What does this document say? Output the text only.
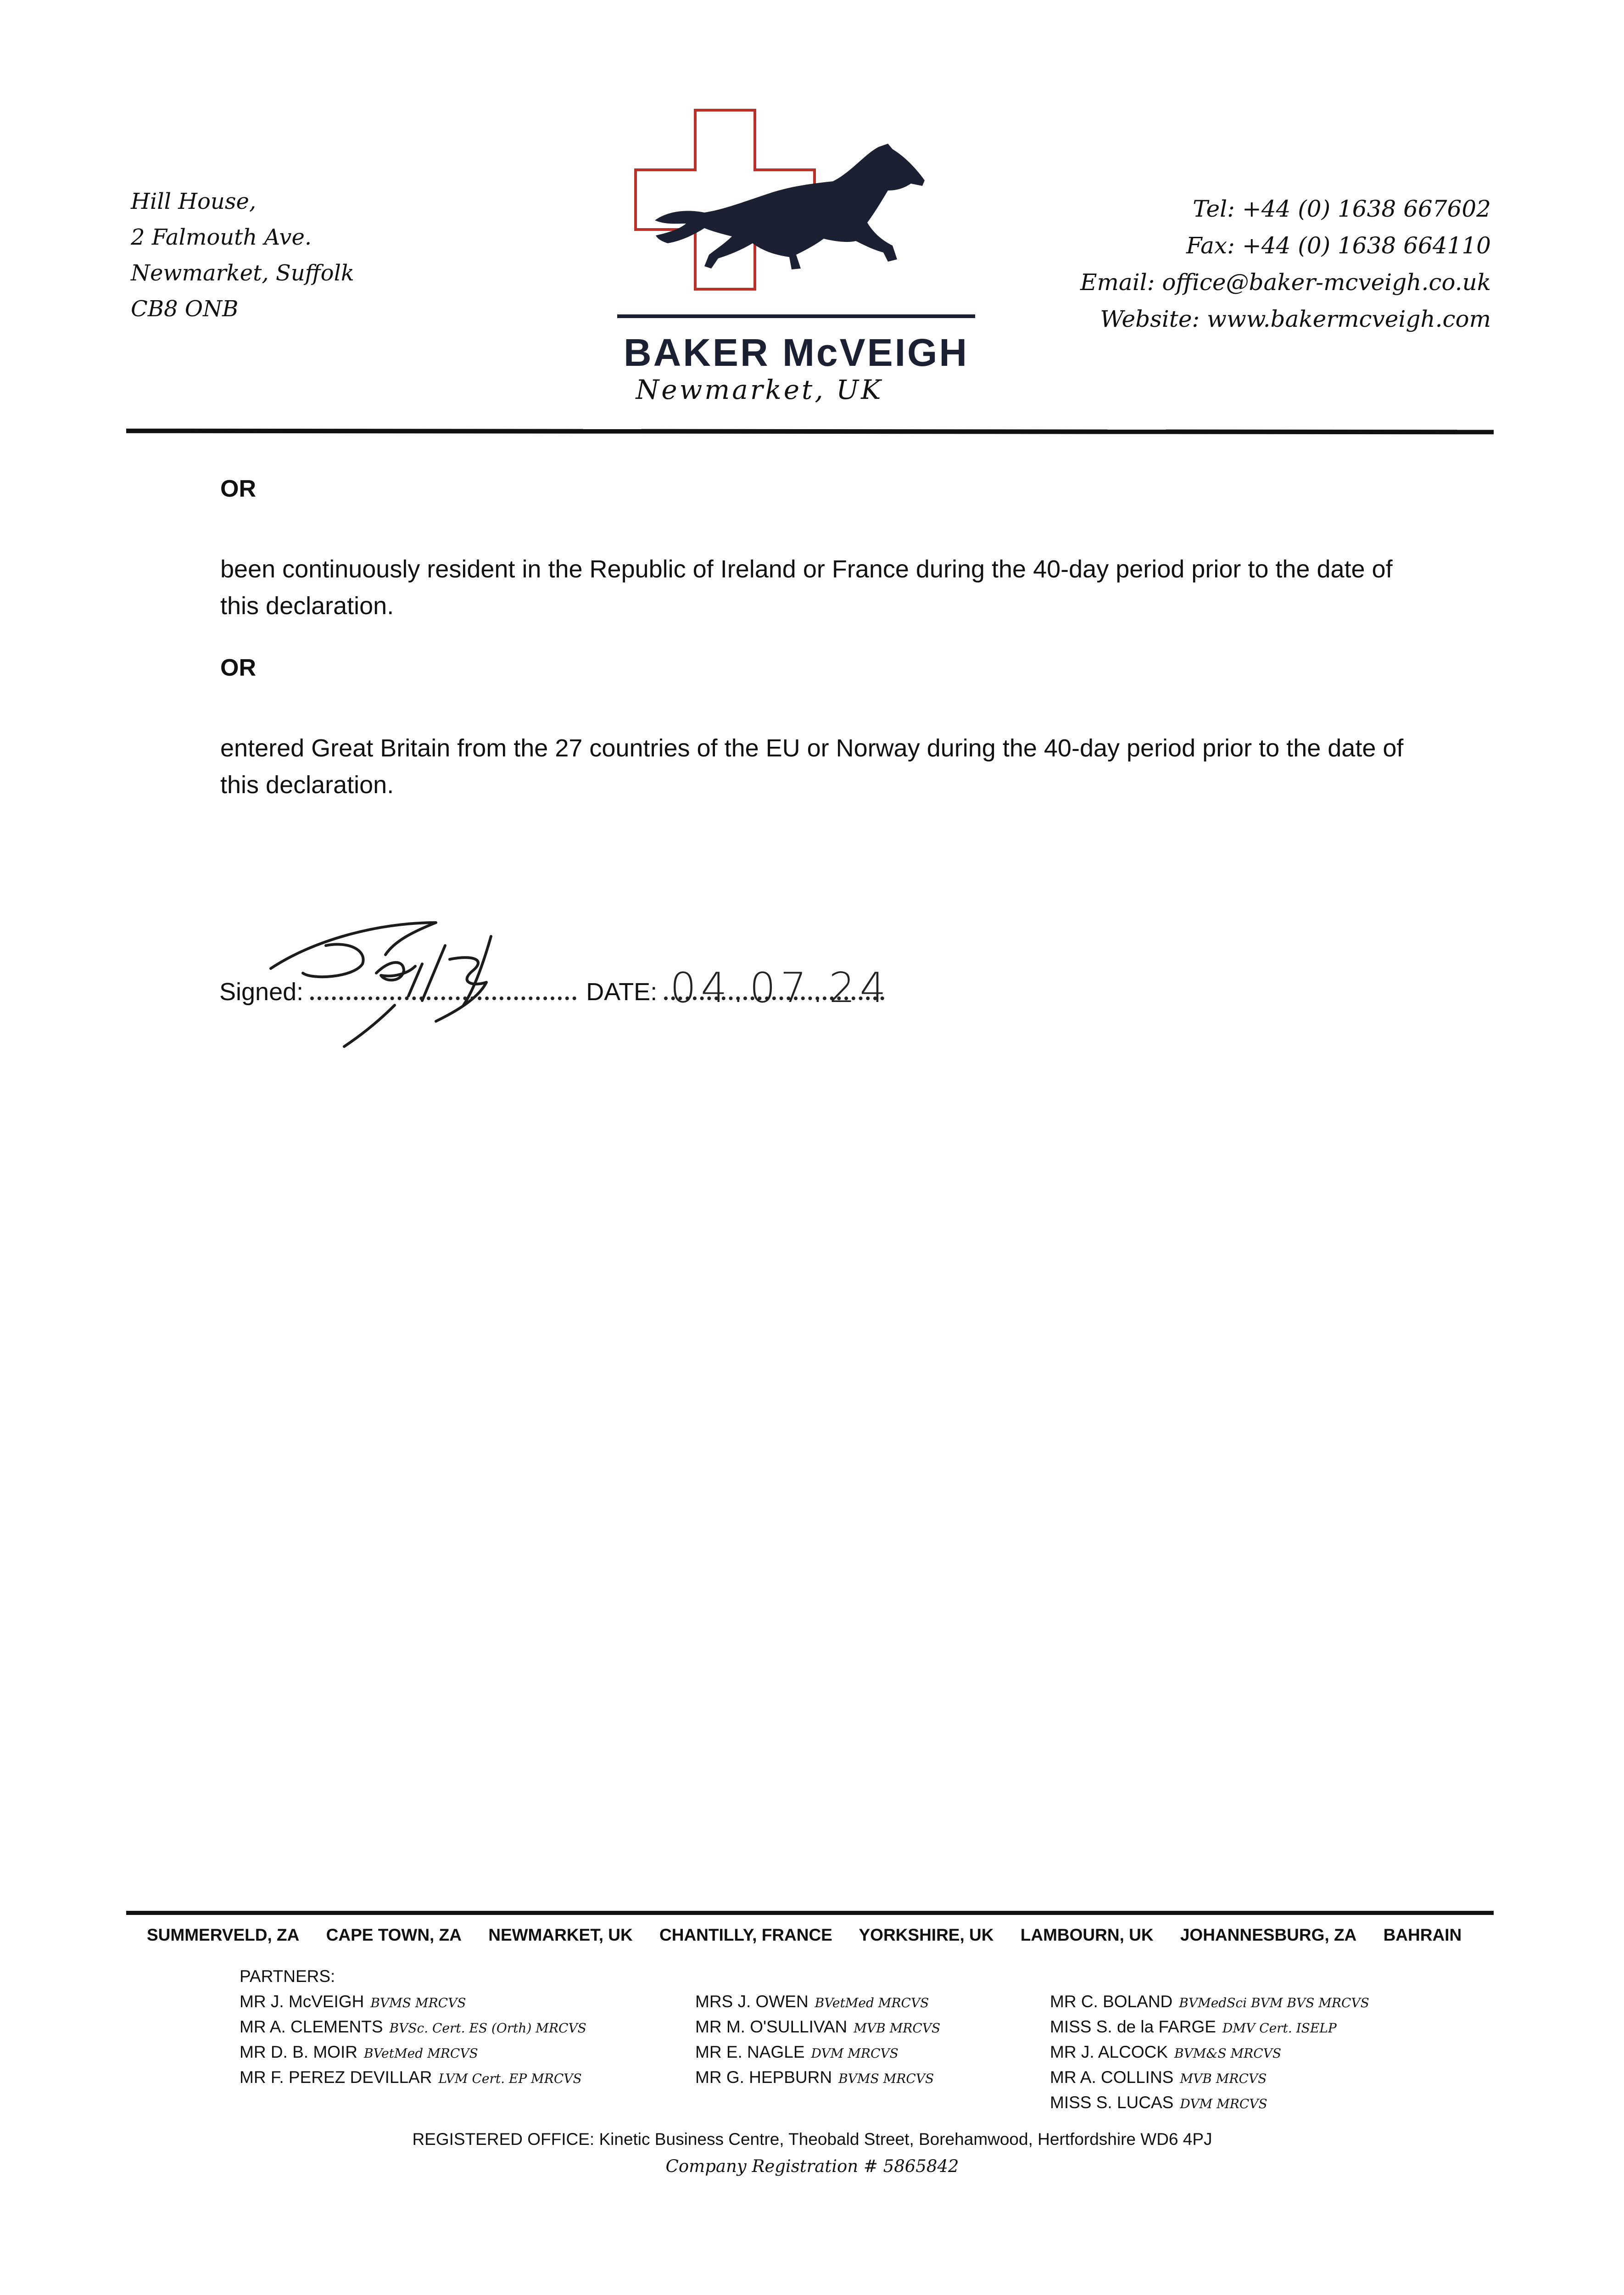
Hill House,
2 Falmouth Ave.
Newmarket, Suffolk
CB8 ONB
BAKER McVEIGH
Newmarket, UK
Tel: +44 (0) 1638 667602
Fax: +44 (0) 1638 664110
Email: office@baker-mcveigh.co.uk
Website: www.bakermcveigh.com
OR
been continuously resident in the Republic of Ireland or France during the 40-day period prior to the date of this declaration.
OR
entered Great Britain from the 27 countries of the EU or Norway during the 40-day period prior to the date of this declaration.
Signed:	DATE: 04.07.24
SUMMERVELD, ZA CAPE TOWN, ZA NEWMARKET, UK CHANTILLY, FRANCE YORKSHIRE, UK LAMBOURN, UK JOHANNESBURG, ZA BAHRAIN
PARTNERS:
MR J. McVEIGH BVMS MRCVS
MR A. CLEMENTS BVSc. Cert. ES (Orth) MRCVS
MR D. B. MOIR BVetMed MRCVS
MR F. PEREZ DEVILLAR LVM Cert. EP MRCVS
MRS J. OWEN BVetMed MRCVS
MR M. O'SULLIVAN MVB MRCVS
MR E. NAGLE DVM MRCVS
MR G. HEPBURN BVMS MRCVS
MR C. BOLAND BVMedSci BVM BVS MRCVS
MISS S. de la FARGE DMV Cert. ISELP
MR J. ALCOCK BVM&S MRCVS
MR A. COLLINS MVB MRCVS
MISS S. LUCAS DVM MRCVS
REGISTERED OFFICE: Kinetic Business Centre, Theobald Street, Borehamwood, Hertfordshire WD6 4PJ
Company Registration # 5865842
